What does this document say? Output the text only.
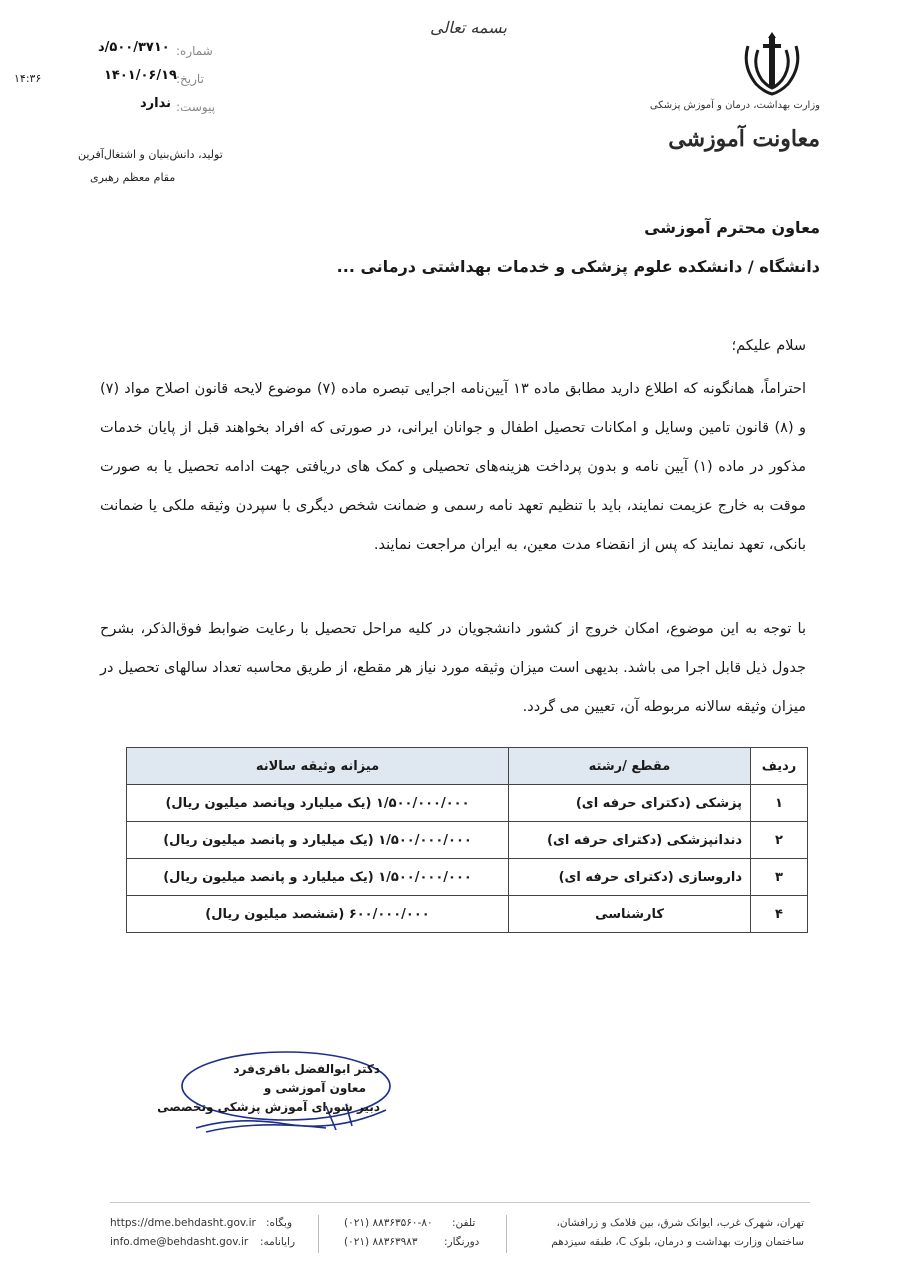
وزارت بهداشت، درمان و آموزش پزشکی
معاونت آموزشی
بسمه تعالی
شماره:
۵۰۰/۳۷۱۰/د
تاریخ:
۱۴۰۱/۰۶/۱۹
پیوست:
ندارد
۱۴:۳۶
تولید، دانش‌بنیان و اشتغال‌آفرین
مقام معظم رهبری
معاون محترم آموزشی
دانشگاه / دانشکده علوم پزشکی و خدمات بهداشتی درمانی ...
سلام علیکم؛
احتراماً، همانگونه که اطلاع دارید مطابق ماده ۱۳ آیین‌نامه اجرایی تبصره ماده (۷) موضوع لایحه قانون اصلاح مواد (۷) و (۸) قانون تامین وسایل و امکانات تحصیل اطفال و جوانان ایرانی، در صورتی که افراد بخواهند قبل از پایان خدمات مذکور در ماده (۱) آیین نامه و بدون پرداخت هزینه‌های تحصیلی و کمک های دریافتی جهت ادامه تحصیل یا به صورت موقت به خارج عزیمت نمایند، باید با تنظیم تعهد نامه رسمی و ضمانت شخص دیگری با سپردن وثیقه ملکی یا ضمانت بانکی، تعهد نمایند که پس از انقضاء مدت معین، به ایران مراجعت نمایند.
با توجه به این موضوع، امکان خروج از کشور دانشجویان در کلیه مراحل تحصیل با رعایت ضوابط فوق‌الذکر، بشرح جدول ذیل قابل اجرا می باشد. بدیهی است میزان وثیقه مورد نیاز هر مقطع، از طریق محاسبه تعداد سالهای تحصیل در میزان وثیقه سالانه مربوطه آن، تعیین می گردد.
ردیف	مقطع /رشته	میزانه وثیقه سالانه
۱	پزشکی (دکترای حرفه ای)	۱/۵۰۰/۰۰۰/۰۰۰ (یک میلیارد وپانصد میلیون ریال)
۲	دندانپزشکی (دکترای حرفه ای)	۱/۵۰۰/۰۰۰/۰۰۰ (یک میلیارد و پانصد میلیون ریال)
۳	داروسازی (دکترای حرفه ای)	۱/۵۰۰/۰۰۰/۰۰۰ (یک میلیارد و پانصد میلیون ریال)
۴	کارشناسی	۶۰۰/۰۰۰/۰۰۰ (ششصد میلیون ریال)
دکتر ابوالفضل باقری‌فرد
معاون آموزشی و
دبیر شورای آموزش پزشکی وتخصصی
تهران، شهرک غرب، ایوانک شرق، بین فلامک و زرافشان،
ساختمان وزارت بهداشت و درمان، بلوک C، طبقه سیزدهم
تلفن:
(۰۲۱) ۸۸۳۶۳۵۶۰-۸۰
دورنگار:
(۰۲۱) ۸۸۳۶۳۹۸۳
وبگاه:
https://dme.behdasht.gov.ir
رایانامه:
info.dme@behdasht.gov.ir
